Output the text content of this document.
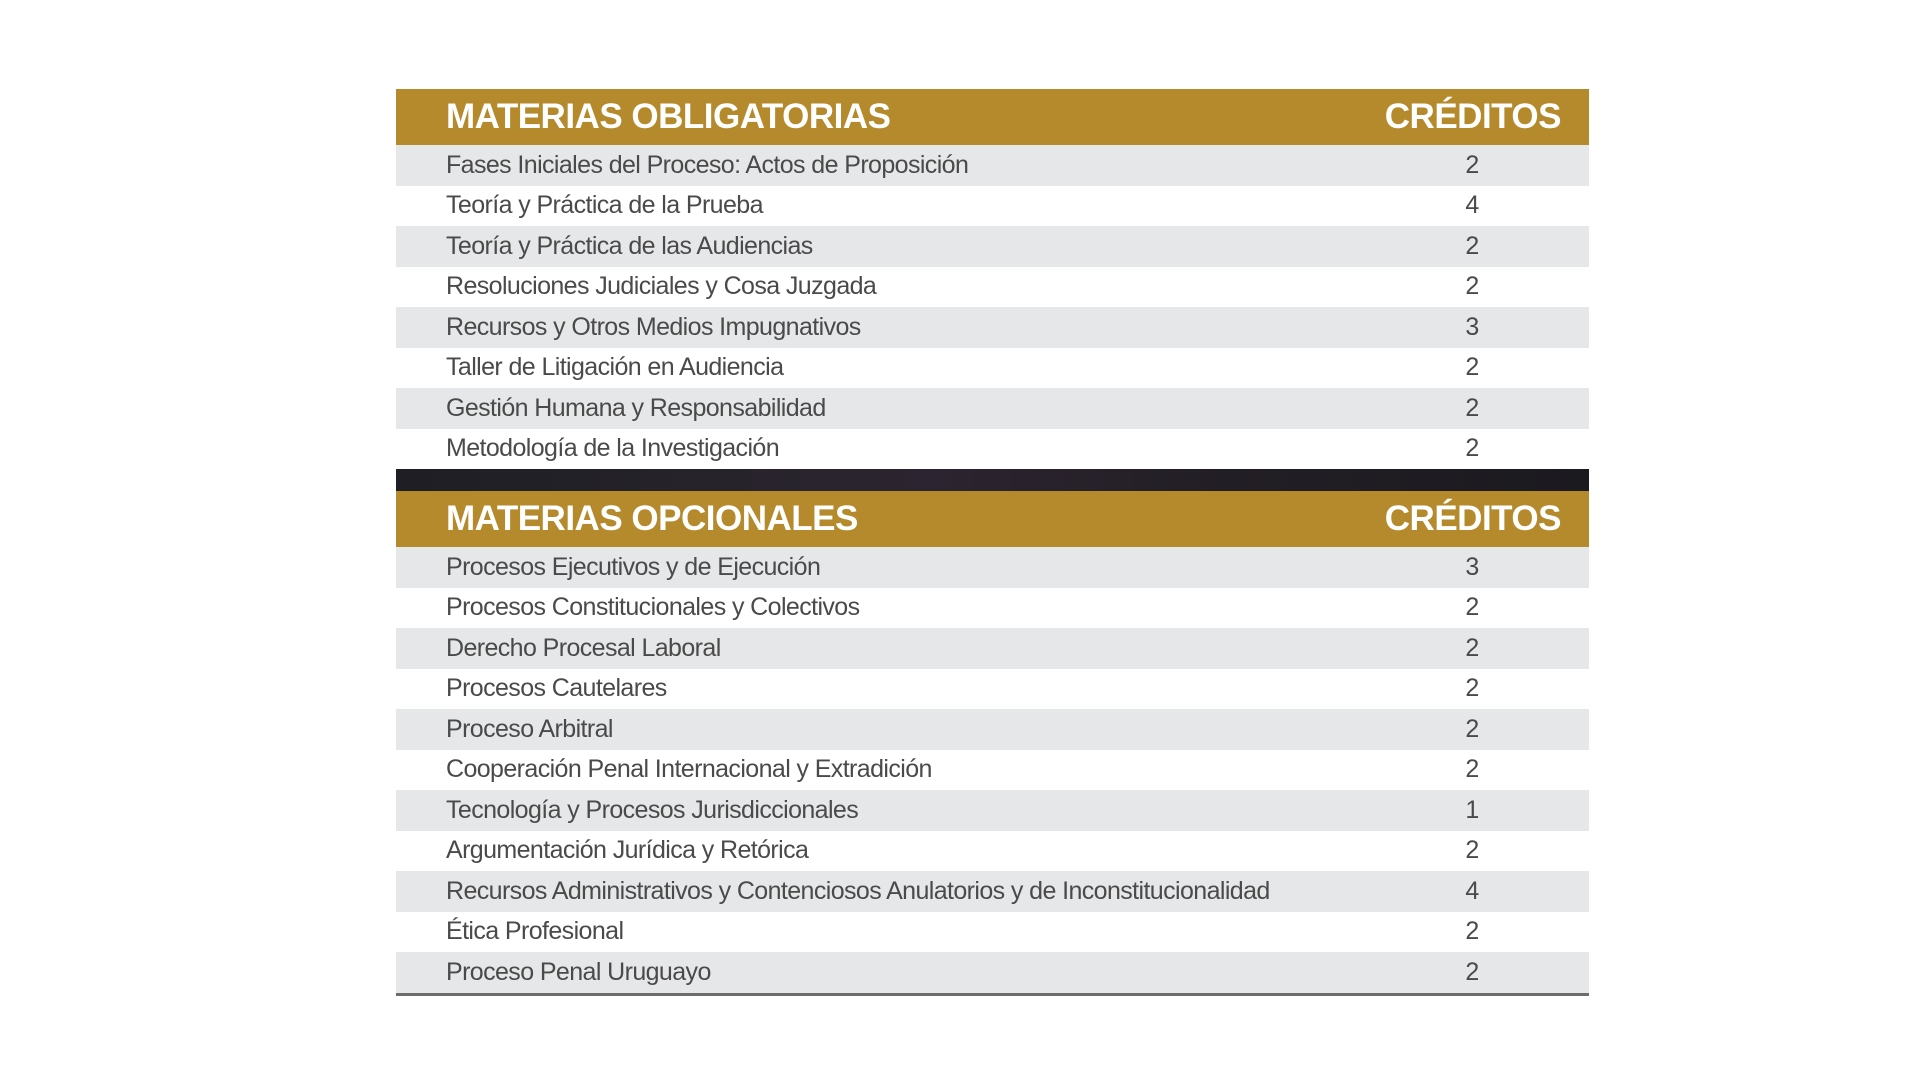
MATERIAS OBLIGATORIAS	CRÉDITOS
Fases Iniciales del Proceso: Actos de Proposición	2
Teoría y Práctica de la Prueba	4
Teoría y Práctica de las Audiencias	2
Resoluciones Judiciales y Cosa Juzgada	2
Recursos y Otros Medios Impugnativos	3
Taller de Litigación en Audiencia	2
Gestión Humana y Responsabilidad	2
Metodología de la Investigación	2
MATERIAS OPCIONALES	CRÉDITOS
Procesos Ejecutivos y de Ejecución	3
Procesos Constitucionales y Colectivos	2
Derecho Procesal Laboral	2
Procesos Cautelares	2
Proceso Arbitral	2
Cooperación Penal Internacional y Extradición	2
Tecnología y Procesos Jurisdiccionales	1
Argumentación Jurídica y Retórica	2
Recursos Administrativos y Contenciosos Anulatorios y de Inconstitucionalidad	4
Ética Profesional	2
Proceso Penal Uruguayo	2
